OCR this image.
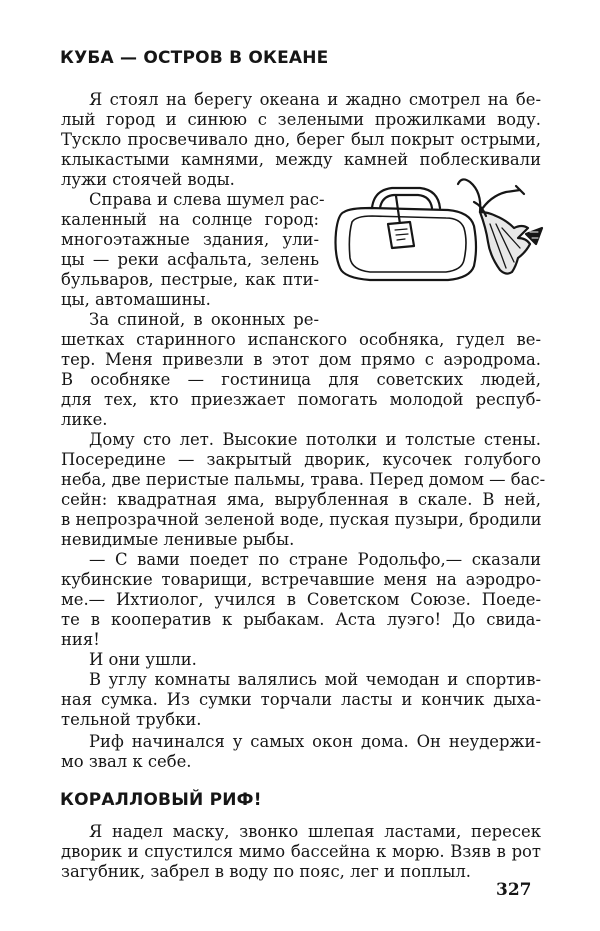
КУБА — ОСТРОВ В ОКЕАНЕ
Я стоял на берегу океана и жадно смотрел на бе-
лый город и синюю с зелеными прожилками воду.
Тускло просвечивало дно, берег был покрыт острыми,
клыкастыми камнями, между камней поблескивали
лужи стоячей воды.
Справа и слева шумел рас-
каленный на солнце город:
многоэтажные здания, ули-
цы — реки асфальта, зелень
бульваров, пестрые, как пти-
цы, автомашины.
За спиной, в оконных ре-
шетках старинного испанского особняка, гудел ве-
тер. Меня привезли в этот дом прямо с аэродрома.
В особняке — гостиница для советских людей,
для тех, кто приезжает помогать молодой респуб-
лике.
Дому сто лет. Высокие потолки и толстые стены.
Посередине — закрытый дворик, кусочек голубого
неба, две перистые пальмы, трава. Перед домом — бас-
сейн: квадратная яма, вырубленная в скале. В ней,
в непрозрачной зеленой воде, пуская пузыри, бродили
невидимые ленивые рыбы.
— С вами поедет по стране Родольфо,— сказали
кубинские товарищи, встречавшие меня на аэродро-
ме.— Ихтиолог, учился в Советском Союзе. Поеде-
те в кооператив к рыбакам. Аста луэго! До свида-
ния!
И они ушли.
В углу комнаты валялись мой чемодан и спортив-
ная сумка. Из сумки торчали ласты и кончик дыха-
тельной трубки.
Риф начинался у самых окон дома. Он неудержи-
мо звал к себе.
КОРАЛЛОВЫЙ РИФ!
Я надел маску, звонко шлепая ластами, пересек
дворик и спустился мимо бассейна к морю. Взяв в рот
загубник, забрел в воду по пояс, лег и поплыл.
327
